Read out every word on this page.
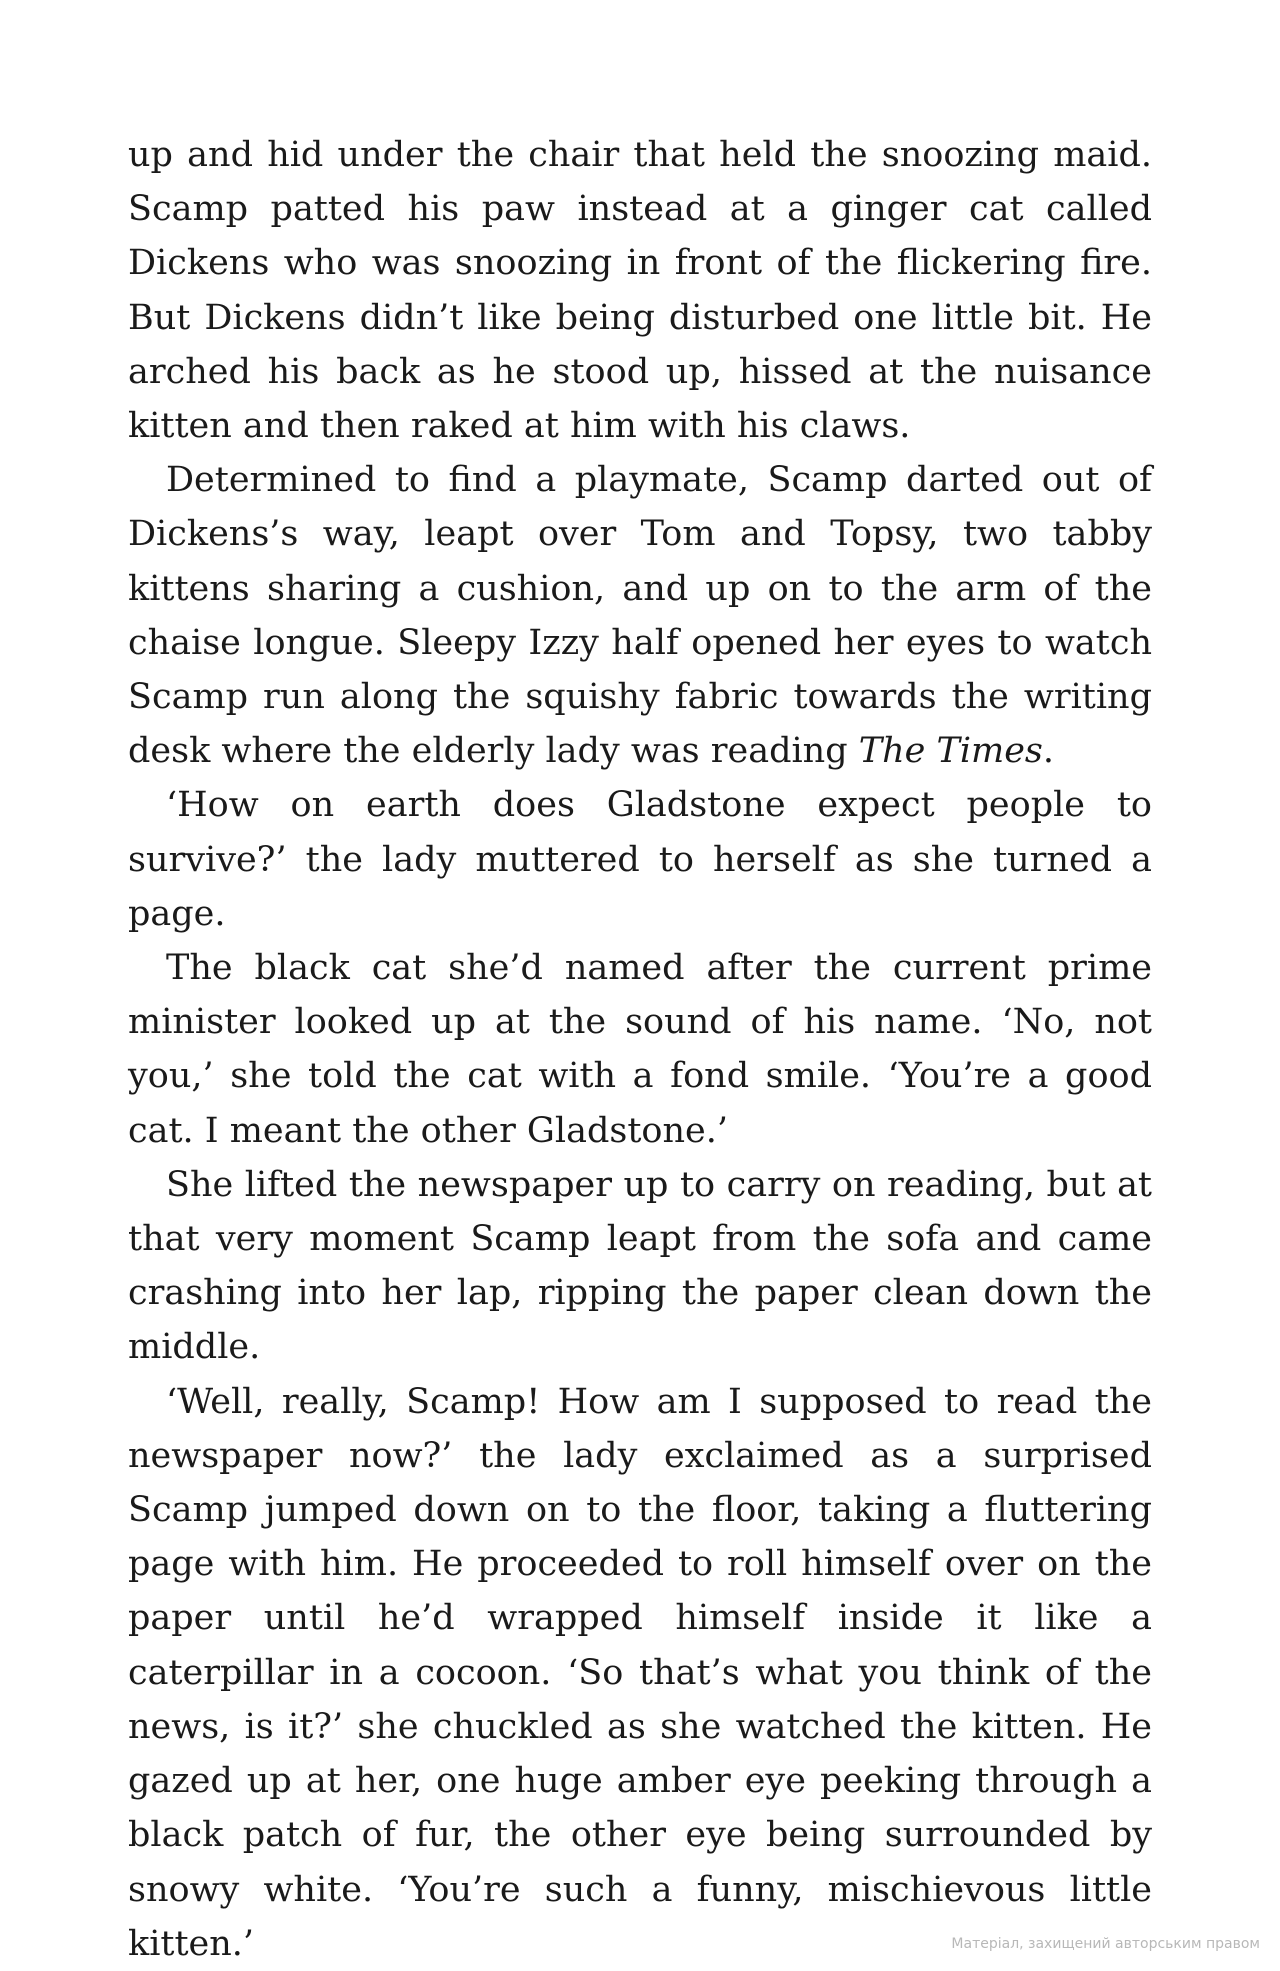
up and hid under the chair that held the snoozing maid. Scamp patted his paw instead at a ginger cat called Dickens who was snoozing in front of the flickering fire. But Dickens didn’t like being disturbed one little bit. He arched his back as he stood up, hissed at the nuisance kitten and then raked at him with his claws.

Determined to find a playmate, Scamp darted out of Dickens’s way, leapt over Tom and Topsy, two tabby kittens sharing a cushion, and up on to the arm of the chaise longue. Sleepy Izzy half opened her eyes to watch Scamp run along the squishy fabric towards the writing desk where the elderly lady was reading The Times.

‘How on earth does Gladstone expect people to survive?’ the lady muttered to herself as she turned a page.

The black cat she’d named after the current prime minister looked up at the sound of his name. ‘No, not you,’ she told the cat with a fond smile. ‘You’re a good cat. I meant the other Gladstone.’

She lifted the newspaper up to carry on reading, but at that very moment Scamp leapt from the sofa and came crashing into her lap, ripping the paper clean down the middle.

‘Well, really, Scamp! How am I supposed to read the newspaper now?’ the lady exclaimed as a surprised Scamp jumped down on to the floor, taking a fluttering page with him. He proceeded to roll himself over on the paper until he’d wrapped himself inside it like a caterpillar in a cocoon. ‘So that’s what you think of the news, is it?’ she chuckled as she watched the kitten. He gazed up at her, one huge amber eye peeking through a black patch of fur, the other eye being surrounded by snowy white. ‘You’re such a funny, mischievous little kitten.’	Матеріал, захищений авторським правом
